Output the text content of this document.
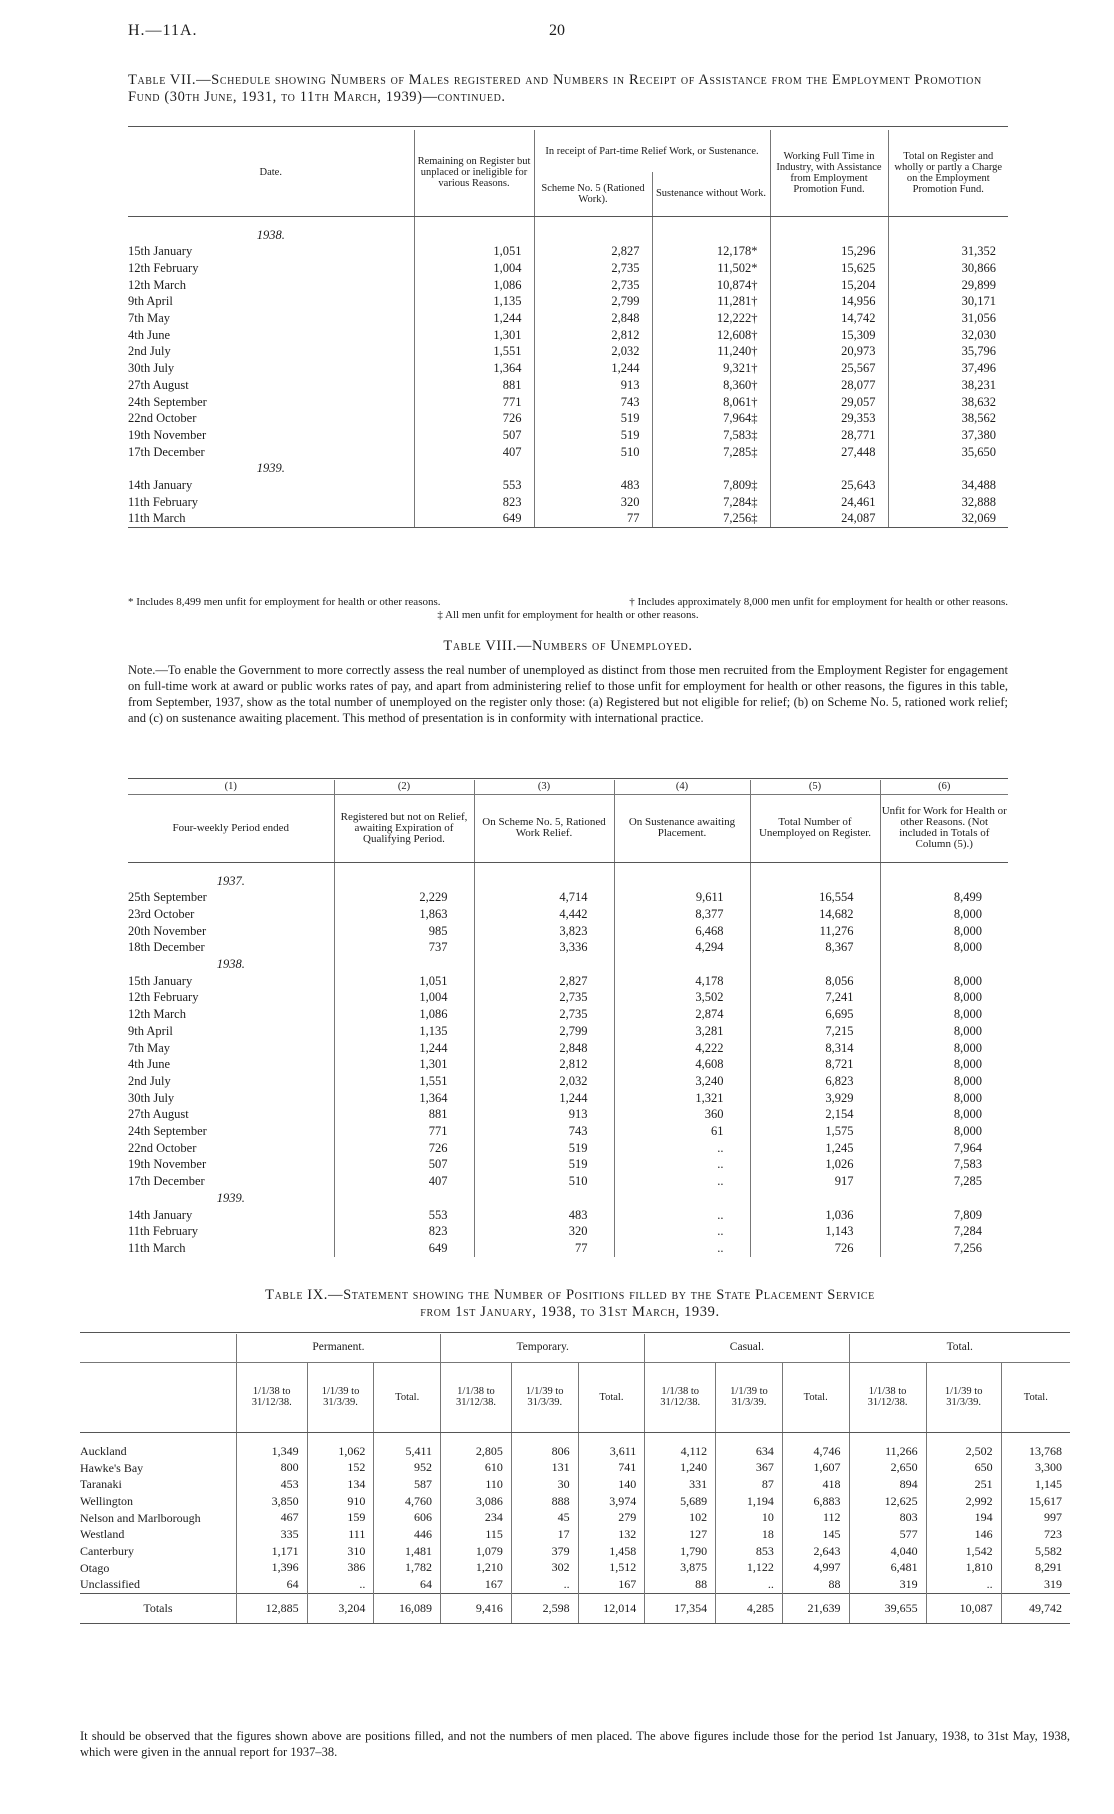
H.—11A.	20
Table VII.—Schedule showing Numbers of Males registered and Numbers in Receipt of Assistance from the Employment Promotion Fund (30th June, 1931, to 11th March, 1939)—continued.
Date.	Remaining on Register but unplaced or ineligible for various Reasons.	In receipt of Part-time Relief Work, or Sustenance.		Working Full Time in Industry, with Assistance from Employment Promotion Fund.	Total on Register and wholly or partly a Charge on the Employment Promotion Fund.
		Scheme No. 5 (Rationed Work).	Sustenance without Work.		
1938.					
15th January	1,051	2,827	12,178*	15,296	31,352
12th February	1,004	2,735	11,502*	15,625	30,866
12th March	1,086	2,735	10,874†	15,204	29,899
9th April	1,135	2,799	11,281†	14,956	30,171
7th May	1,244	2,848	12,222†	14,742	31,056
4th June	1,301	2,812	12,608†	15,309	32,030
2nd July	1,551	2,032	11,240†	20,973	35,796
30th July	1,364	1,244	9,321†	25,567	37,496
27th August	881	913	8,360†	28,077	38,231
24th September	771	743	8,061†	29,057	38,632
22nd October	726	519	7,964‡	29,353	38,562
19th November	507	519	7,583‡	28,771	37,380
17th December	407	510	7,285‡	27,448	35,650
1939.					
14th January	553	483	7,809‡	25,643	34,488
11th February	823	320	7,284‡	24,461	32,888
11th March	649	77	7,256‡	24,087	32,069
* Includes 8,499 men unfit for employment for health or other reasons.	† Includes approximately 8,000 men unfit for employment for health or other reasons.
‡ All men unfit for employment for health or other reasons.
Table VIII.—Numbers of Unemployed.
Note.—To enable the Government to more correctly assess the real number of unemployed as distinct from those men recruited from the Employment Register for engagement on full-time work at award or public works rates of pay, and apart from administering relief to those unfit for employment for health or other reasons, the figures in this table, from September, 1937, show as the total number of unemployed on the register only those: (a) Registered but not eligible for relief; (b) on Scheme No. 5, rationed work relief; and (c) on sustenance awaiting placement. This method of presentation is in conformity with international practice.
(1)	(2)	(3)	(4)	(5)	(6)
Four-weekly Period ended	Registered but not on Relief, awaiting Expiration of Qualifying Period.	On Scheme No. 5, Rationed Work Relief.	On Sustenance awaiting Placement.	Total Number of Unemployed on Register.	Unfit for Work for Health or other Reasons. (Not included in Totals of Column (5).)
1937.					
25th September	2,229	4,714	9,611	16,554	8,499
23rd October	1,863	4,442	8,377	14,682	8,000
20th November	985	3,823	6,468	11,276	8,000
18th December	737	3,336	4,294	8,367	8,000
1938.					
15th January	1,051	2,827	4,178	8,056	8,000
12th February	1,004	2,735	3,502	7,241	8,000
12th March	1,086	2,735	2,874	6,695	8,000
9th April	1,135	2,799	3,281	7,215	8,000
7th May	1,244	2,848	4,222	8,314	8,000
4th June	1,301	2,812	4,608	8,721	8,000
2nd July	1,551	2,032	3,240	6,823	8,000
30th July	1,364	1,244	1,321	3,929	8,000
27th August	881	913	360	2,154	8,000
24th September	771	743	61	1,575	8,000
22nd October	726	519	..	1,245	7,964
19th November	507	519	..	1,026	7,583
17th December	407	510	..	917	7,285
1939.					
14th January	553	483	..	1,036	7,809
11th February	823	320	..	1,143	7,284
11th March	649	77	..	726	7,256
Table IX.—Statement showing the Number of Positions filled by the State Placement Service
from 1st January, 1938, to 31st March, 1939.
	Permanent.			Temporary.			Casual.			Total.		
	1/1/38 to 31/12/38.	1/1/39 to 31/3/39.	Total.	1/1/38 to 31/12/38.	1/1/39 to 31/3/39.	Total.	1/1/38 to 31/12/38.	1/1/39 to 31/3/39.	Total.	1/1/38 to 31/12/38.	1/1/39 to 31/3/39.	Total.
Auckland	1,349	1,062	5,411	2,805	806	3,611	4,112	634	4,746	11,266	2,502	13,768
Hawke's Bay	800	152	952	610	131	741	1,240	367	1,607	2,650	650	3,300
Taranaki	453	134	587	110	30	140	331	87	418	894	251	1,145
Wellington	3,850	910	4,760	3,086	888	3,974	5,689	1,194	6,883	12,625	2,992	15,617
Nelson and Marlborough	467	159	606	234	45	279	102	10	112	803	194	997
Westland	335	111	446	115	17	132	127	18	145	577	146	723
Canterbury	1,171	310	1,481	1,079	379	1,458	1,790	853	2,643	4,040	1,542	5,582
Otago	1,396	386	1,782	1,210	302	1,512	3,875	1,122	4,997	6,481	1,810	8,291
Unclassified	64	..	64	167	..	167	88	..	88	319	..	319
Totals	12,885	3,204	16,089	9,416	2,598	12,014	17,354	4,285	21,639	39,655	10,087	49,742
It should be observed that the figures shown above are positions filled, and not the numbers of men placed. The above figures include those for the period 1st January, 1938, to 31st May, 1938, which were given in the annual report for 1937–38.
